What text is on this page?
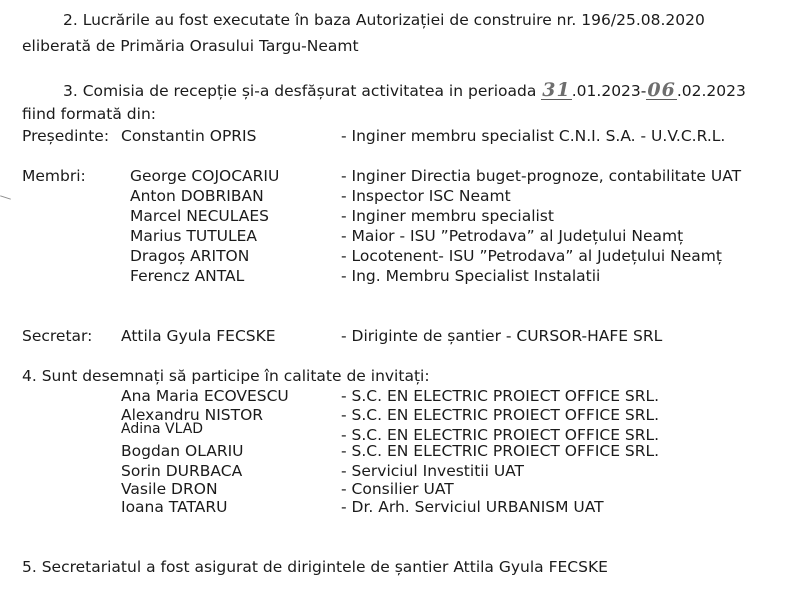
2. Lucrările au fost executate în baza Autorizației de construire nr. 196/25.08.2020
eliberată de Primăria Orasului Targu-Neamt
3. Comisia de recepție și-a desfășurat activitatea in perioada 31.01.2023-06.02.2023
fiind formată din:
Președinte: Constantin OPRIS	- Inginer membru specialist C.N.I. S.A. - U.V.C.R.L.
Membri:	George COJOCARIU	- Inginer Directia buget-prognoze, contabilitate UAT
Anton DOBRIBAN	- Inspector ISC Neamt
Marcel NECULAES	- Inginer membru specialist
Marius TUTULEA	- Maior - ISU ”Petrodava” al Județului Neamț
Dragoș ARITON	- Locotenent- ISU ”Petrodava” al Județului Neamț
Ferencz ANTAL	- Ing. Membru Specialist Instalatii
Secretar: Attila Gyula FECSKE	- Diriginte de șantier - CURSOR-HAFE SRL
4. Sunt desemnați să participe în calitate de invitați:
Ana Maria ECOVESCU	- S.C. EN ELECTRIC PROIECT OFFICE SRL.
Alexandru NISTOR	- S.C. EN ELECTRIC PROIECT OFFICE SRL.
Adina VLAD	- S.C. EN ELECTRIC PROIECT OFFICE SRL.
Bogdan OLARIU	- S.C. EN ELECTRIC PROIECT OFFICE SRL.
Sorin DURBACA	- Serviciul Investitii UAT
Vasile DRON	- Consilier UAT
Ioana TATARU	- Dr. Arh. Serviciul URBANISM UAT
5. Secretariatul a fost asigurat de dirigintele de șantier Attila Gyula FECSKE
